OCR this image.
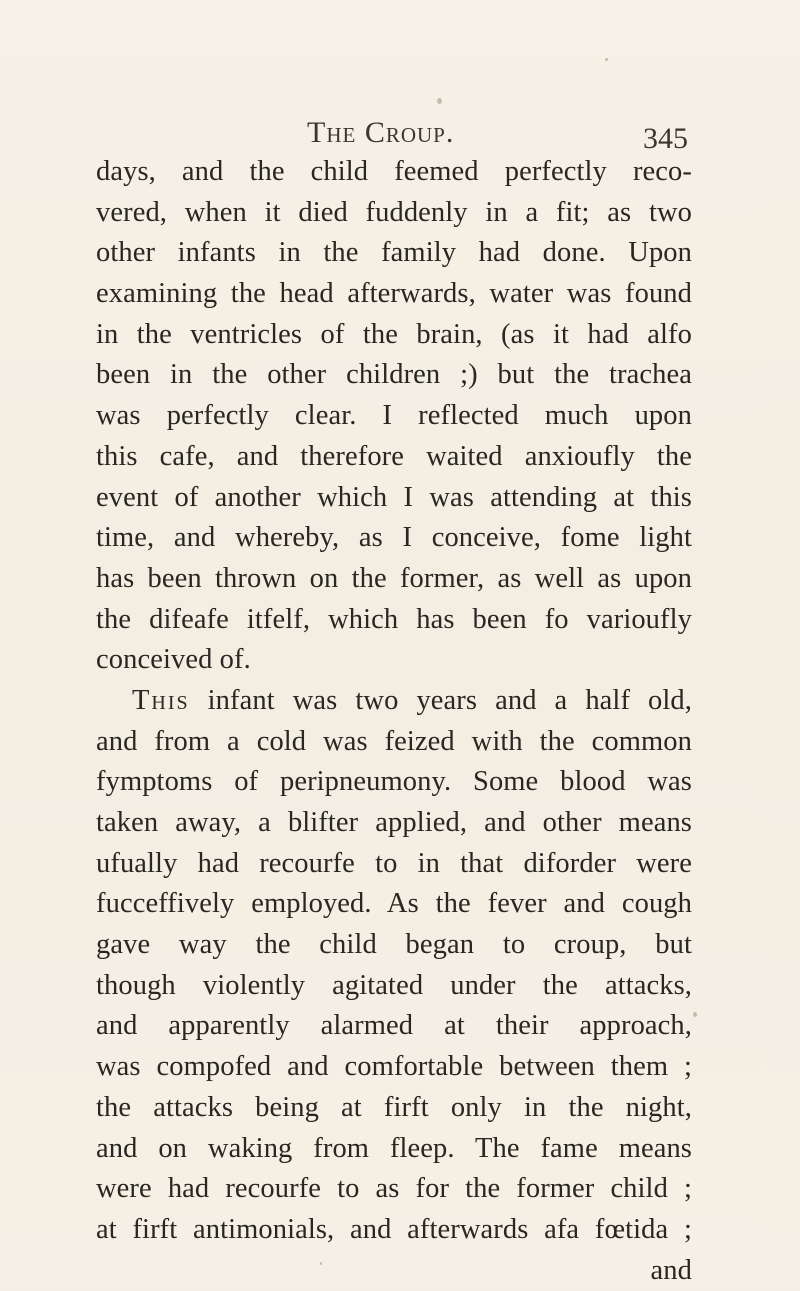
The Croup.	345
days, and the child feemed perfectly reco-
vered, when it died fuddenly in a fit; as two
other infants in the family had done. Upon
examining the head afterwards, water was found
in the ventricles of the brain, (as it had alfo
been in the other children ;) but the trachea
was perfectly clear. I reflected much upon
this cafe, and therefore waited anxioufly the
event of another which I was attending at this
time, and whereby, as I conceive, fome light
has been thrown on the former, as well as upon
the difeafe itfelf, which has been fo varioufly
conceived of.
This infant was two years and a half old,
and from a cold was feized with the common
fymptoms of peripneumony. Some blood was
taken away, a blifter applied, and other means
ufually had recourfe to in that diforder were
fucceffively employed. As the fever and cough
gave way the child began to croup, but
though violently agitated under the attacks,
and apparently alarmed at their approach,
was compofed and comfortable between them ;
the attacks being at firft only in the night,
and on waking from fleep. The fame means
were had recourfe to as for the former child ;
at firft antimonials, and afterwards afa fœtida ;
and
